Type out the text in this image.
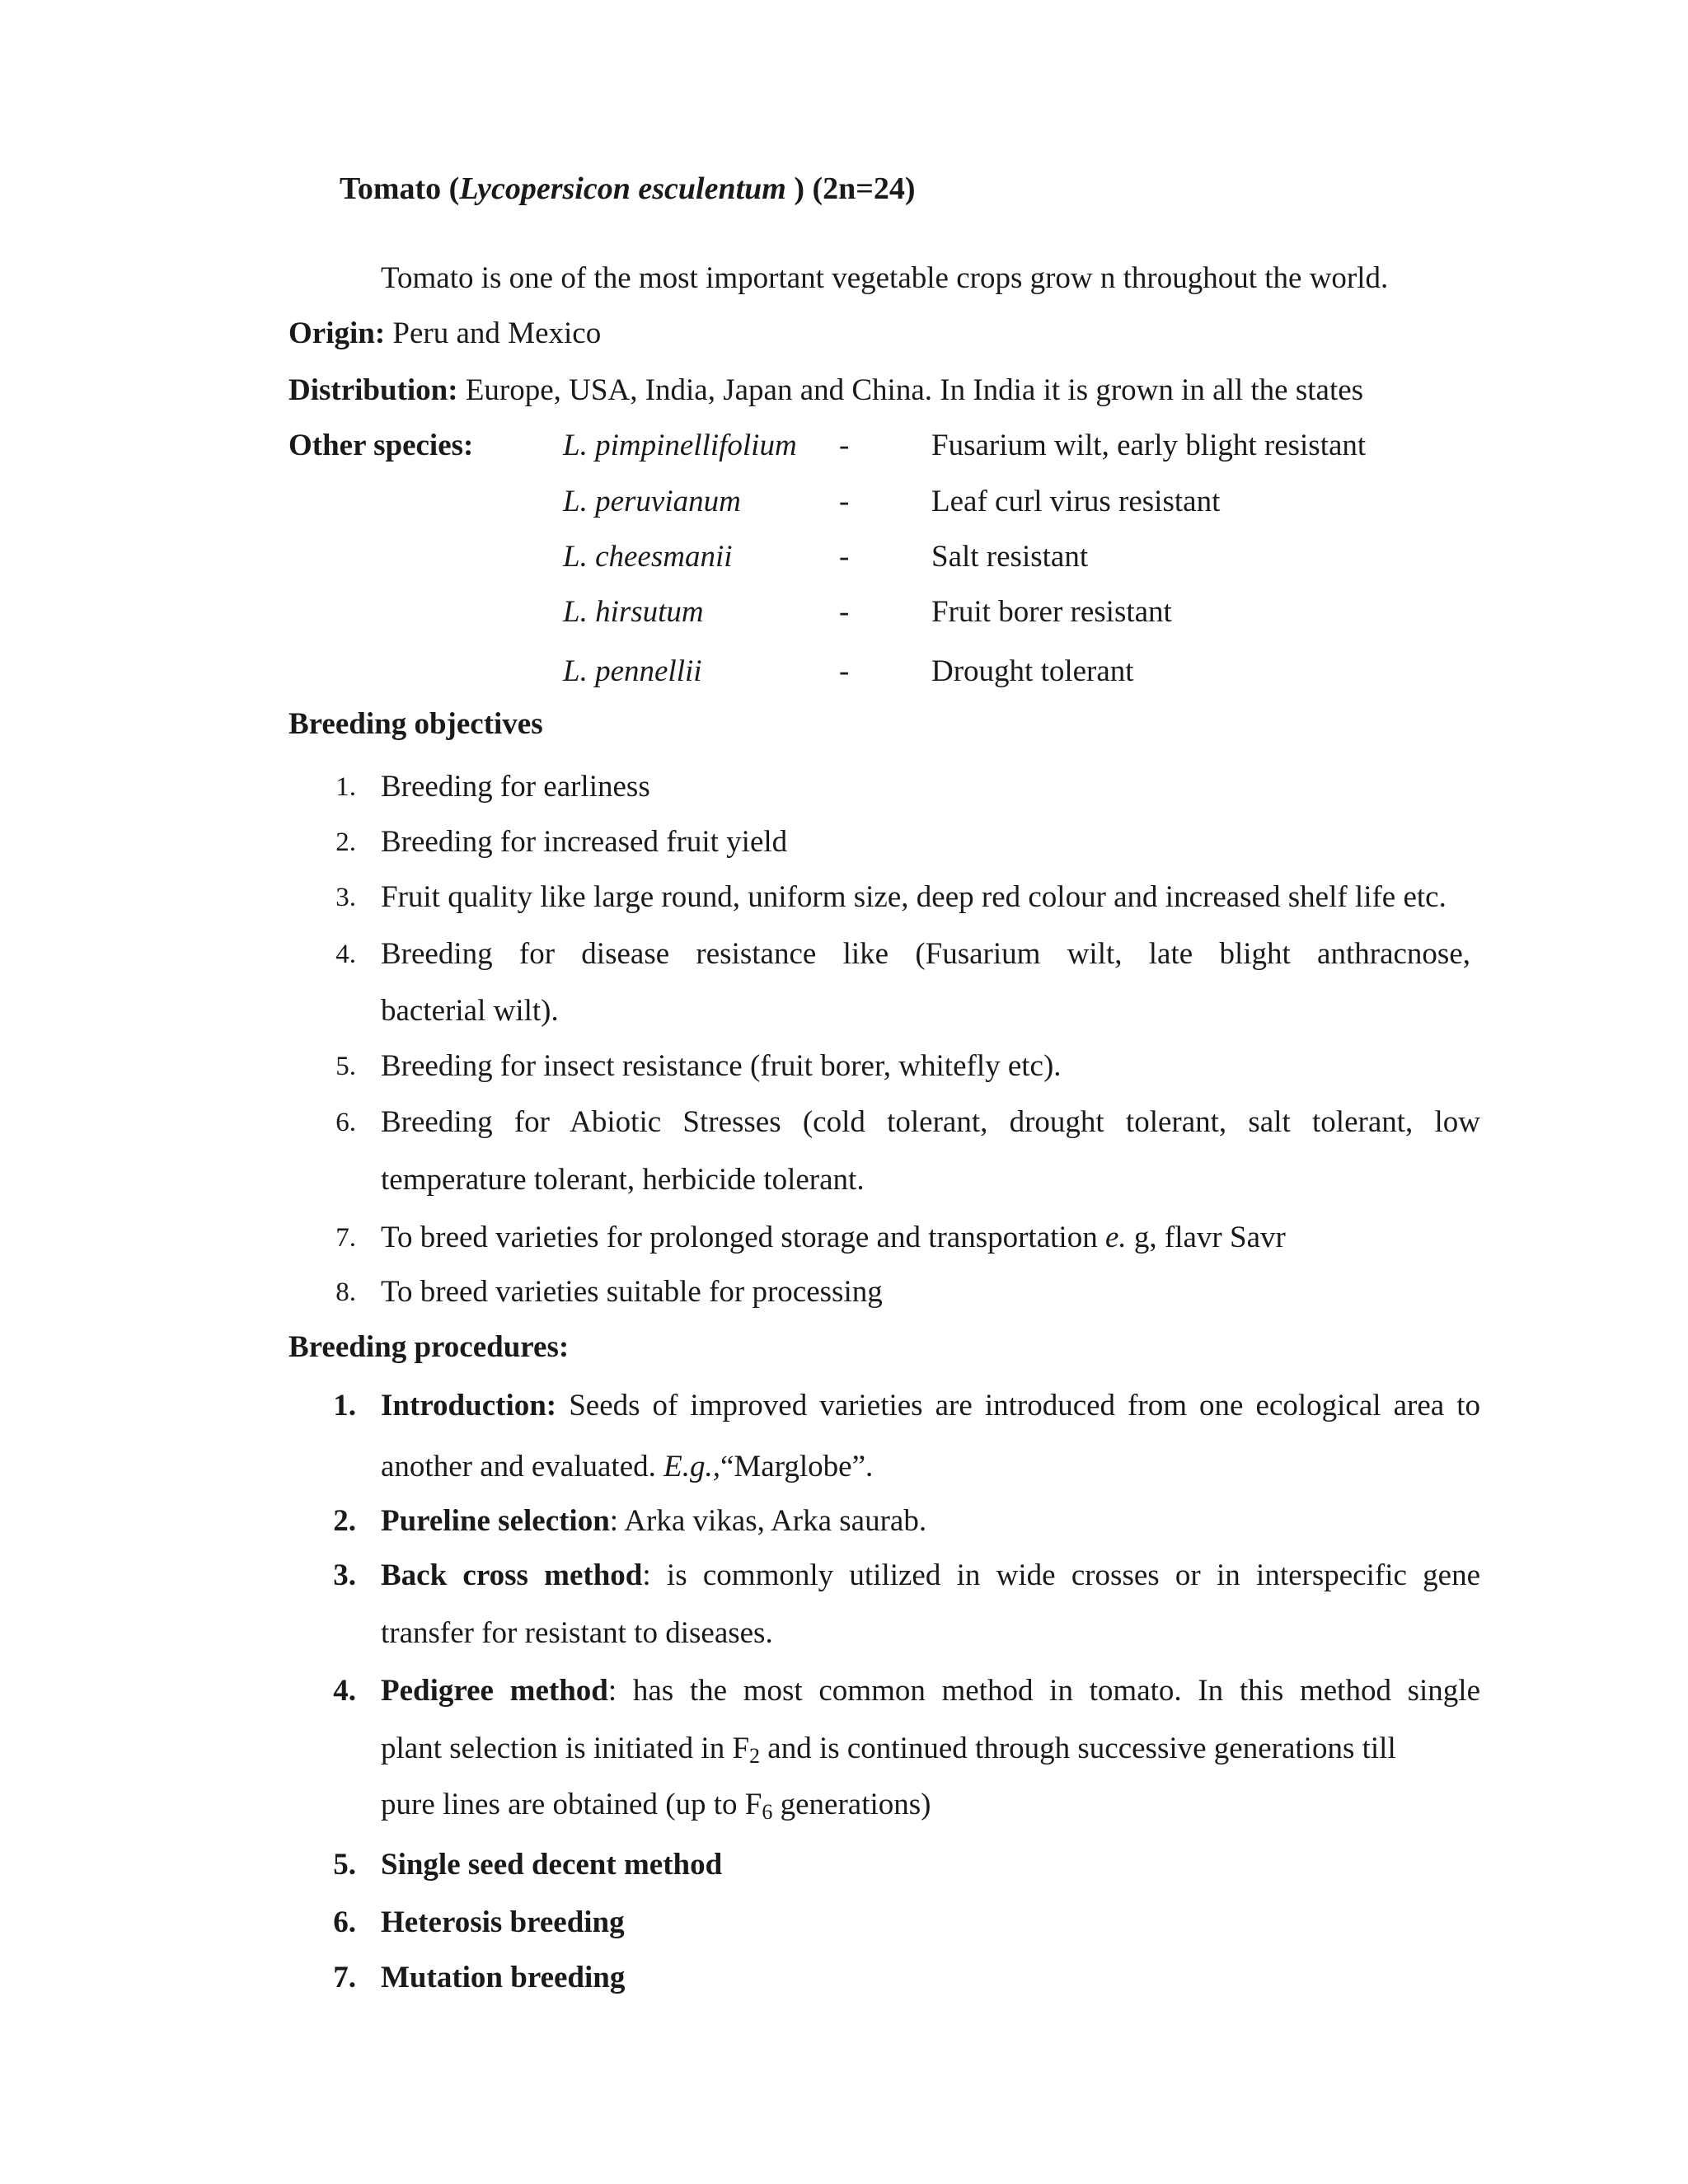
Tomato (Lycopersicon esculentum ) (2n=24)
Tomato is one of the most important vegetable crops grow n throughout the world.
Origin: Peru and Mexico
Distribution: Europe, USA, India, Japan and China. In India it is grown in all the states
Other species:	L. pimpinellifolium -	Fusarium wilt, early blight resistant
L. peruvianum	-	Leaf curl virus resistant
L. cheesmanii	-	Salt resistant
L. hirsutum	-	Fruit borer resistant
L. pennellii	-	Drought tolerant
Breeding objectives
1. Breeding for earliness
2. Breeding for increased fruit yield
3. Fruit quality like large round, uniform size, deep red colour and increased shelf life etc.
4. Breeding for disease resistance like (Fusarium wilt, late blight anthracnose,
bacterial wilt).
5. Breeding for insect resistance (fruit borer, whitefly etc).
6. Breeding for Abiotic Stresses (cold tolerant, drought tolerant, salt tolerant, low
temperature tolerant, herbicide tolerant.
7. To breed varieties for prolonged storage and transportation e. g, flavr Savr
8. To breed varieties suitable for processing
Breeding procedures:
1. Introduction: Seeds of improved varieties are introduced from one ecological area to
another and evaluated. E.g.,“Marglobe”.
2. Pureline selection: Arka vikas, Arka saurab.
3. Back cross method: is commonly utilized in wide crosses or in interspecific gene
transfer for resistant to diseases.
4. Pedigree method: has the most common method in tomato. In this method single
plant selection is initiated in $F_2$ and is continued through successive generations till
pure lines are obtained (up to $F_6$ generations)
5. Single seed decent method
6. Heterosis breeding
7. Mutation breeding
